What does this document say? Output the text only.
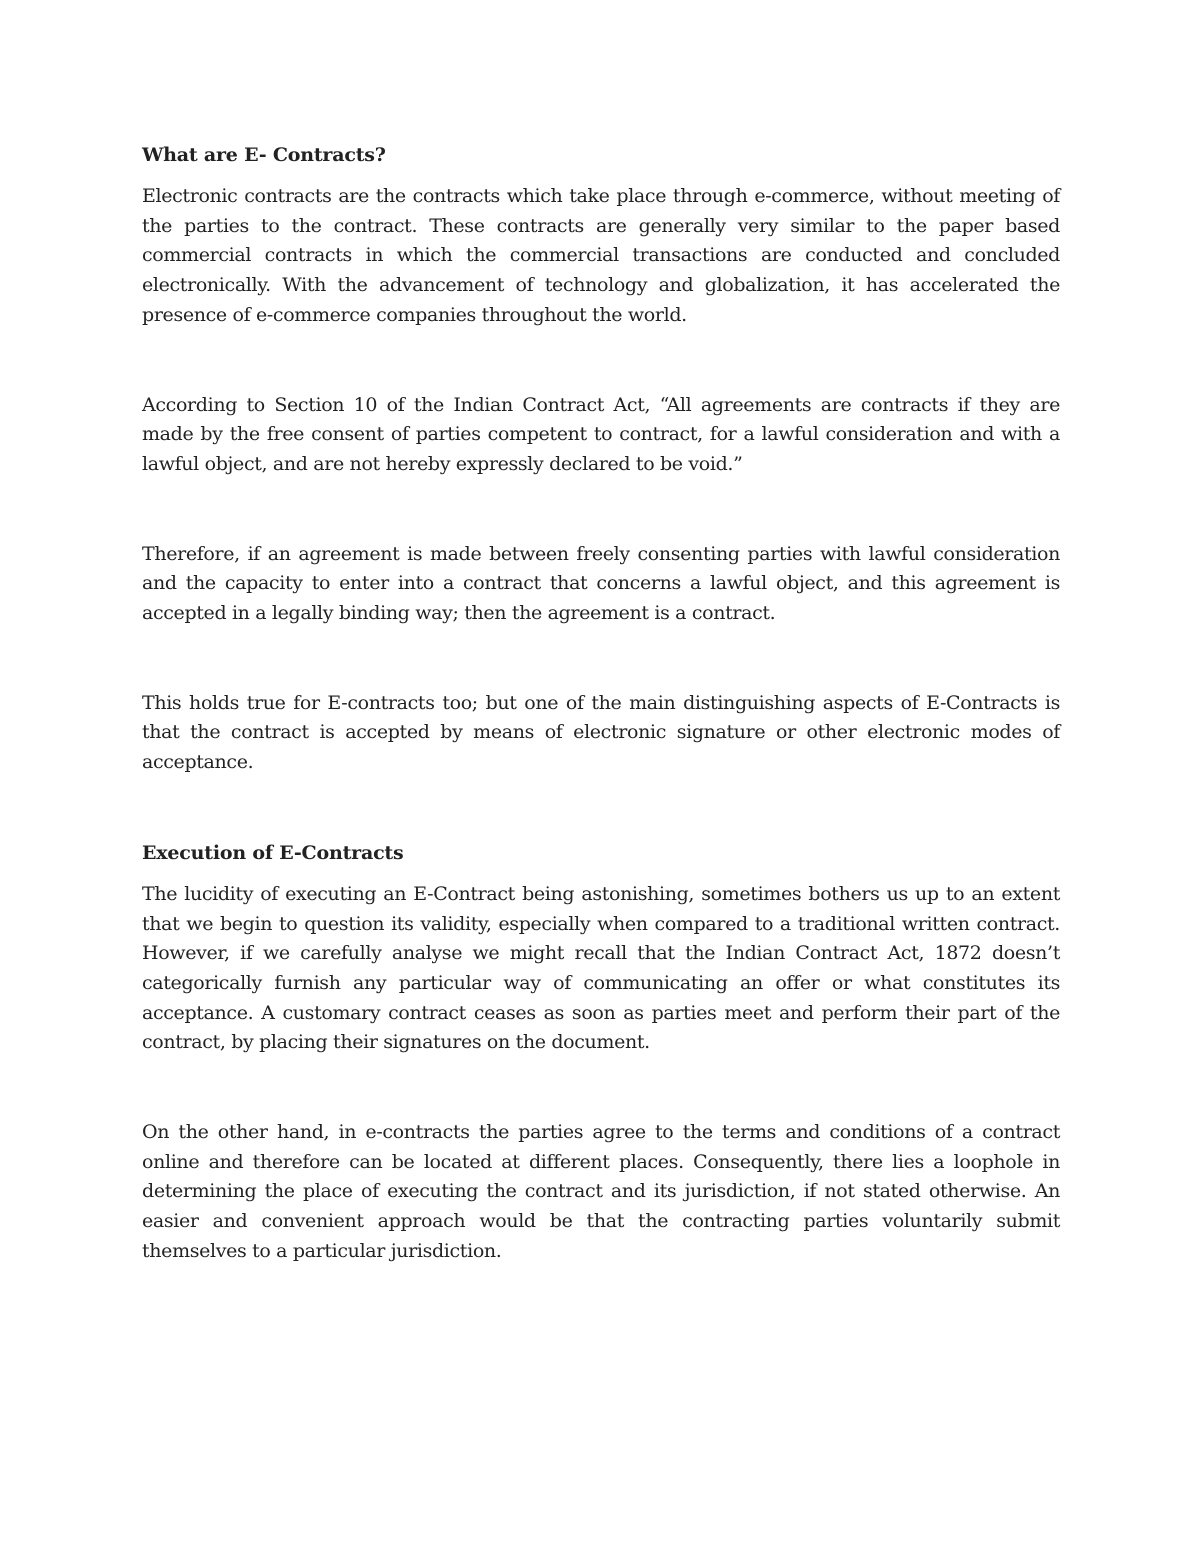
What are E- Contracts?

Electronic contracts are the contracts which take place through e-commerce, without meeting of the parties to the contract. These contracts are generally very similar to the paper based commercial contracts in which the commercial transactions are conducted and concluded electronically. With the advancement of technology and globalization, it has accelerated the presence of e-commerce companies throughout the world.

According to Section 10 of the Indian Contract Act, “All agreements are contracts if they are made by the free consent of parties competent to contract, for a lawful consideration and with a lawful object, and are not hereby expressly declared to be void.”

Therefore, if an agreement is made between freely consenting parties with lawful consideration and the capacity to enter into a contract that concerns a lawful object, and this agreement is accepted in a legally binding way; then the agreement is a contract.

This holds true for E-contracts too; but one of the main distinguishing aspects of E-Contracts is that the contract is accepted by means of electronic signature or other electronic modes of acceptance.

Execution of E-Contracts

The lucidity of executing an E-Contract being astonishing, sometimes bothers us up to an extent that we begin to question its validity, especially when compared to a traditional written contract. However, if we carefully analyse we might recall that the Indian Contract Act, 1872 doesn’t categorically furnish any particular way of communicating an offer or what constitutes its acceptance. A customary contract ceases as soon as parties meet and perform their part of the contract, by placing their signatures on the document.

On the other hand, in e-contracts the parties agree to the terms and conditions of a contract online and therefore can be located at different places. Consequently, there lies a loophole in determining the place of executing the contract and its jurisdiction, if not stated otherwise. An easier and convenient approach would be that the contracting parties voluntarily submit themselves to a particular jurisdiction.
